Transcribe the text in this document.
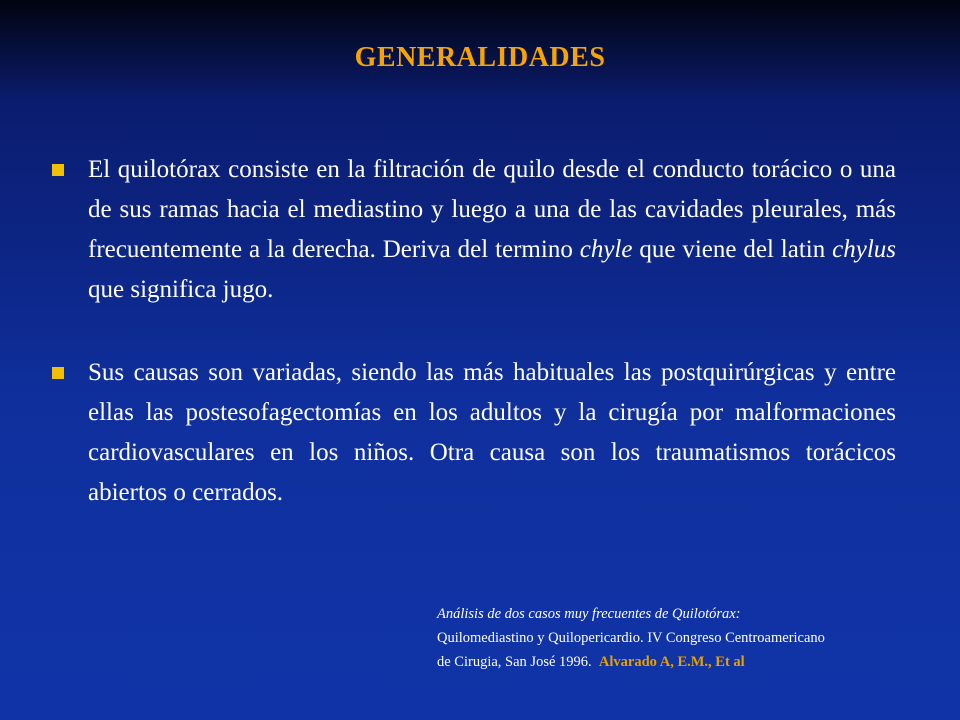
GENERALIDADES
El quilotórax consiste en la filtración de quilo desde el conducto torácico o una de sus ramas hacia el mediastino y luego a una de las cavidades pleurales, más frecuentemente a la derecha. Deriva del termino chyle que viene del latin chylus que significa jugo.
Sus causas son variadas, siendo las más habituales las postquirúrgicas y entre ellas las postesofagectomías en los adultos y la cirugía por malformaciones cardiovasculares en los niños. Otra causa son los traumatismos torácicos abiertos o cerrados.
Análisis de dos casos muy frecuentes de Quilotórax:
Quilomediastino y Quilopericardio. IV Congreso Centroamericano
de Cirugia, San José 1996. Alvarado A, E.M., Et al
